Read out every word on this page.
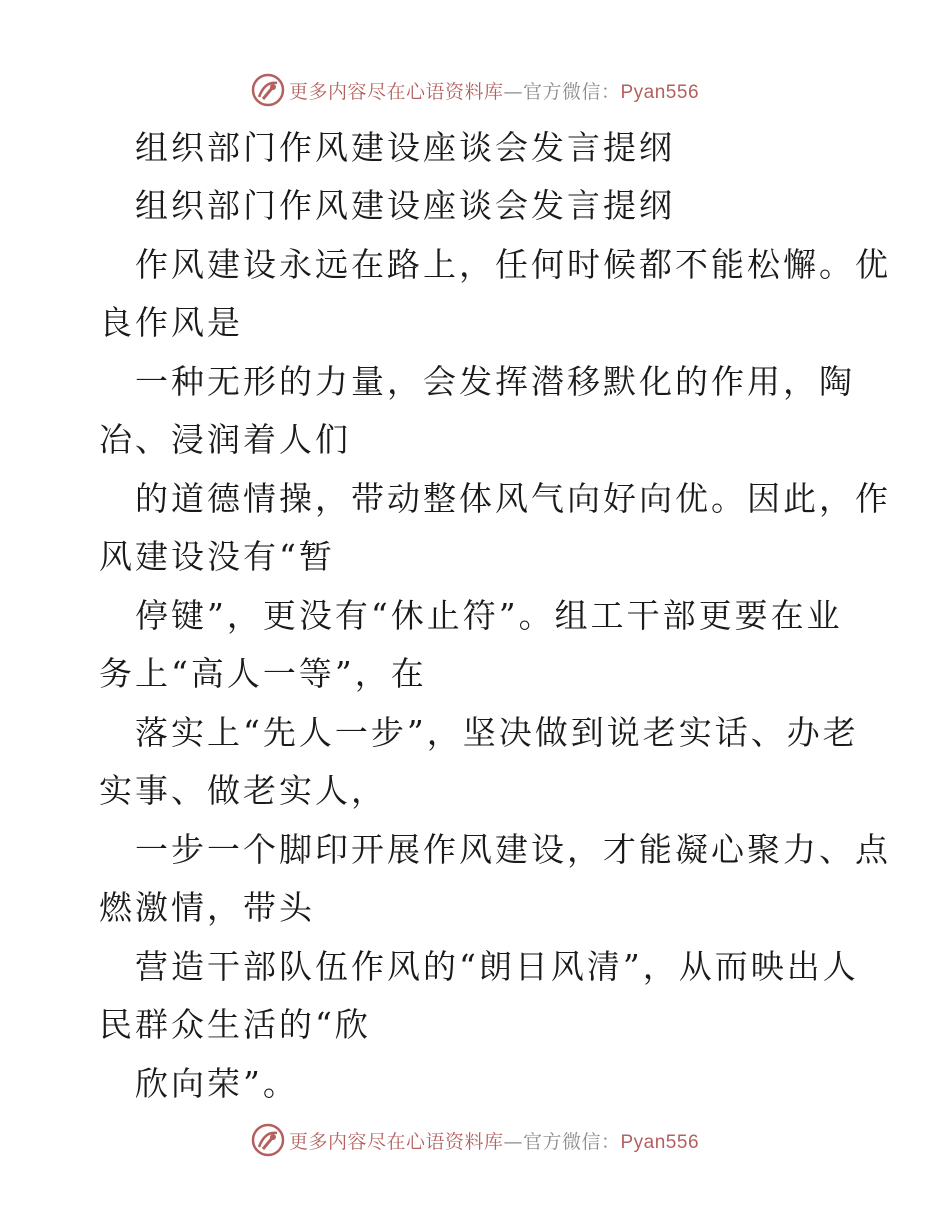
更多内容尽在心语资料库—官方微信：Pyan556
组织部门作风建设座谈会发言提纲
组织部门作风建设座谈会发言提纲
作风建设永远在路上，任何时候都不能松懈。优
良作风是
一种无形的力量，会发挥潜移默化的作用，陶
冶、浸润着人们
的道德情操，带动整体风气向好向优。因此，作
风建设没有“暂
停键”，更没有“休止符”。组工干部更要在业
务上“高人一等”，在
落实上“先人一步”，坚决做到说老实话、办老
实事、做老实人，
一步一个脚印开展作风建设，才能凝心聚力、点
燃激情，带头
营造干部队伍作风的“朗日风清”，从而映出人
民群众生活的“欣
欣向荣”。
更多内容尽在心语资料库—官方微信：Pyan556
